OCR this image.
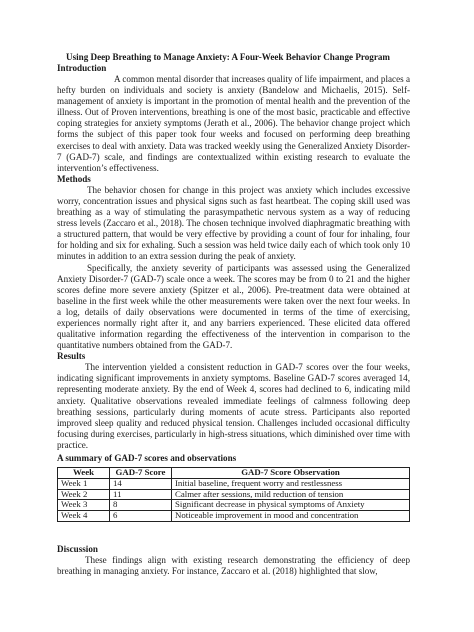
Using Deep Breathing to Manage Anxiety: A Four-Week Behavior Change Program
Introduction

A common mental disorder that increases quality of life impairment, and places a hefty burden on individuals and society is anxiety (Bandelow and Michaelis, 2015). Self-management of anxiety is important in the promotion of mental health and the prevention of the illness. Out of Proven interventions, breathing is one of the most basic, practicable and effective coping strategies for anxiety symptoms (Jerath et al., 2006). The behavior change project which forms the subject of this paper took four weeks and focused on performing deep breathing exercises to deal with anxiety. Data was tracked weekly using the Generalized Anxiety Disorder-7 (GAD-7) scale, and findings are contextualized within existing research to evaluate the intervention’s effectiveness.

Methods

The behavior chosen for change in this project was anxiety which includes excessive worry, concentration issues and physical signs such as fast heartbeat. The coping skill used was breathing as a way of stimulating the parasympathetic nervous system as a way of reducing stress levels (Zaccaro et al., 2018). The chosen technique involved diaphragmatic breathing with a structured pattern, that would be very effective by providing a count of four for inhaling, four for holding and six for exhaling. Such a session was held twice daily each of which took only 10 minutes in addition to an extra session during the peak of anxiety.

Specifically, the anxiety severity of participants was assessed using the Generalized Anxiety Disorder-7 (GAD-7) scale once a week. The scores may be from 0 to 21 and the higher scores define more severe anxiety (Spitzer et al., 2006). Pre-treatment data were obtained at baseline in the first week while the other measurements were taken over the next four weeks. In a log, details of daily observations were documented in terms of the time of exercising, experiences normally right after it, and any barriers experienced. These elicited data offered qualitative information regarding the effectiveness of the intervention in comparison to the quantitative numbers obtained from the GAD-7.

Results

The intervention yielded a consistent reduction in GAD-7 scores over the four weeks, indicating significant improvements in anxiety symptoms. Baseline GAD-7 scores averaged 14, representing moderate anxiety. By the end of Week 4, scores had declined to 6, indicating mild anxiety. Qualitative observations revealed immediate feelings of calmness following deep breathing sessions, particularly during moments of acute stress. Participants also reported improved sleep quality and reduced physical tension. Challenges included occasional difficulty focusing during exercises, particularly in high-stress situations, which diminished over time with practice.

A summary of GAD-7 scores and observations
Week	GAD-7 Score	GAD-7 Score Observation
Week 1	14	Initial baseline, frequent worry and restlessness
Week 2	11	Calmer after sessions, mild reduction of tension
Week 3	8	Significant decrease in physical symptoms of Anxiety
Week 4	6	Noticeable improvement in mood and concentration
Discussion

These findings align with existing research demonstrating the efficiency of deep breathing in managing anxiety. For instance, Zaccaro et al. (2018) highlighted that slow,
